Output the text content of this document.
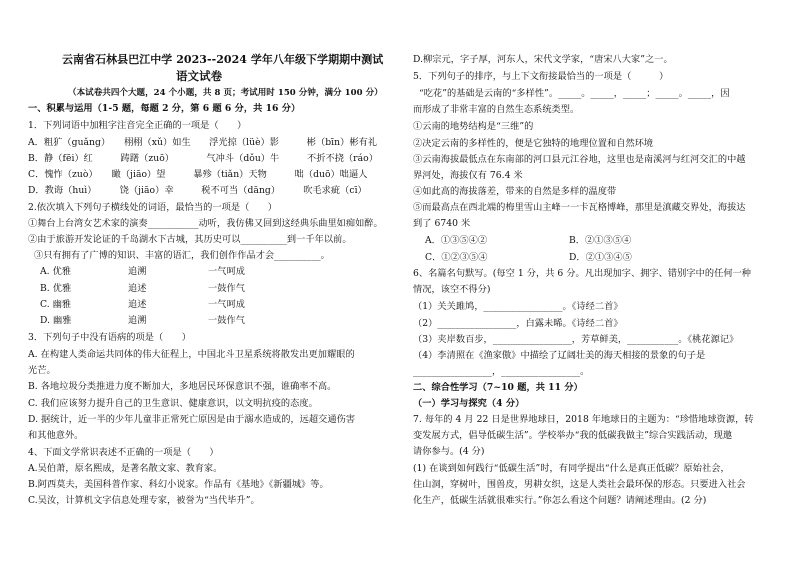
云南省石林县巴江中学 2023--2024 学年八年级下学期期中测试
语文试卷
（本试卷共四个大题，24 个小题，共 8 页；考试用时 150 分钟，满分 100 分）
一、积累与运用（1-5 题，每题 2 分，第 6 题 6 分，共 16 分）
1．下列词语中加粗字注音完全正确的一项是（　　）
A．粗犷（guǎng）　　栩栩（xǔ）如生　　浮光掠（lüè）影　　　彬（bīn）彬有礼
B．静（fēi）红　　　踌躇（zuō）　　　　气冲斗（dǒu）牛　　　不折不挠（ráo）
C．愧怍（zuò）　　瞰（jiāo）望　　　暴殄（tiǎn）天物　　　咄（duō）咄逼人
D．教诲（huì）　　　饶（jiāo）幸　　　税不可当（dāng）　　　吹毛求疵（cī）
2.依次填入下列句子横线处的词语，最恰当的一项是（　　）
①舞台上台湾女艺术家的演奏___________动听，我仿佛又回到这经典乐曲里如痴如醉。
②由于旅游开发论证的千岛湖水下古城，其历史可以__________到一千年以前。
③只有拥有了广博的知识、丰富的语汇，我们创作作品才会__________。
A. 优雅	追溯	一气呵成
B. 优雅	追述	一鼓作气
C. 幽雅	追述	一气呵成
D. 幽雅	追溯	一鼓作气
3．下列句子中没有语病的项是（　　）
A. 在构建人类命运共同体的伟大征程上，中国北斗卫星系统将散发出更加耀眼的
光芒。
B. 各地垃圾分类推进力度不断加大，多地居民环保意识不强，谁确率不高。
C. 我们应该努力提升自己的卫生意识、健康意识，以文明抗疫的态度。
D. 据统计，近一半的少年儿童非正常死亡原因是由于溺水造成的，远超交通伤害
和其他意外。
4、下面文学常识表述不正确的一项是（　　）
A.吴伯萧，原名熙成，是著名散文家、教育家。
B.阿西莫夫，美国科普作家、科幻小说家。作品有《基地》《新疆城》等。
C.吴汝，计算机文字信息处理专家，被誉为“当代毕升”。
D.柳宗元，字子厚，河东人，宋代文学家，“唐宋八大家”之一。
5．下列句子的排序，与上下文衔接最恰当的一项是（　　　）
“吃花”的基础是云南的“多样性”。_____。_____，_____；_____。_____，因
而形成了非常丰富的自然生态系统类型。
①云南的地势结构是“三维”的
②决定云南的多样性的，便是它独特的地理位置和自然环境
③云南海拔最低点在东南部的河口县元江谷地，这里也是南溪河与红河交汇的中越
界河处，海拔仅有 76.4 米
④如此高的海拔落差，带来的自然是多样的温度带
⑤而最高点在西北端的梅里雪山主峰一一卡瓦格博峰，那里是滇藏交界处，海拔达
到了 6740 米
A．①③⑤④②	B．②①③⑤④
C．①②③⑤④	D．②①③④⑤
6、名篇名句默写。(每空 1 分，共 6 分。凡出现加字、拥字、错别字中的任何一种
情况，该空不得分)
（1）关关雎鸠，_________________。《诗经二首》
（2）_________________，白露未晞。《诗经二首》
（3）夹岸数百步，_________________，芳草鲜美，___________。《桃花源记》
（4）李清照在《渔家傲》中描绘了辽阔壮美的海天相接的景象的句子是
_________________，_________________。
二、综合性学习（7~10 题，共 11 分）
（一）学习与探究（4 分）
7. 每年的 4 月 22 日是世界地球日，2018 年地球日的主题为：“珍惜地球资源，转
变发展方式，倡导低碳生活”。学校举办“我的低碳我做主”综合实践活动，现邀
请你参与。(4 分)
(1) 在谈到如何践行“低碳生活”时，有同学提出“什么是真正低碳？原始社会，
住山洞，穿树叶，围兽皮，男耕女织，这是人类社会最环保的形态。只要进入社会
化生产，低碳生活就很难实行。”你怎么看这个问题？请阐述理由。(2 分)
